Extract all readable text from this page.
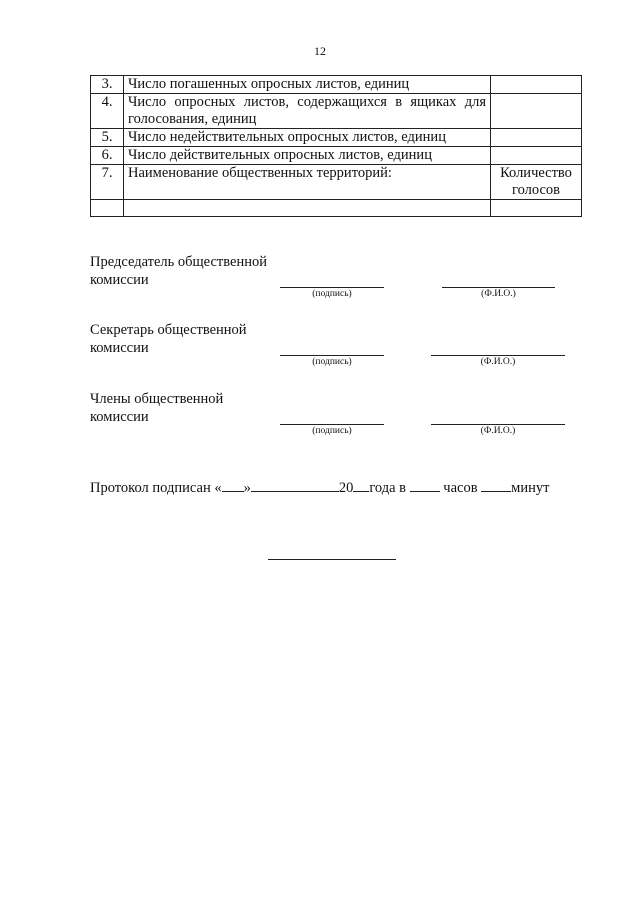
12
3.	Число погашенных опросных листов, единиц	
4.	Число опросных листов, содержащихся в ящиках для голосования, единиц	
5.	Число недействительных опросных листов, единиц	
6.	Число действительных опросных листов, единиц	
7.	Наименование общественных территорий:	Количество голосов

Председатель общественной комиссии
(подпись)	(Ф.И.О.)
Секретарь общественной комиссии
(подпись)	(Ф.И.О.)
Члены общественной комиссии
(подпись)	(Ф.И.О.)
Протокол подписан « »	20 года в	часов минут
